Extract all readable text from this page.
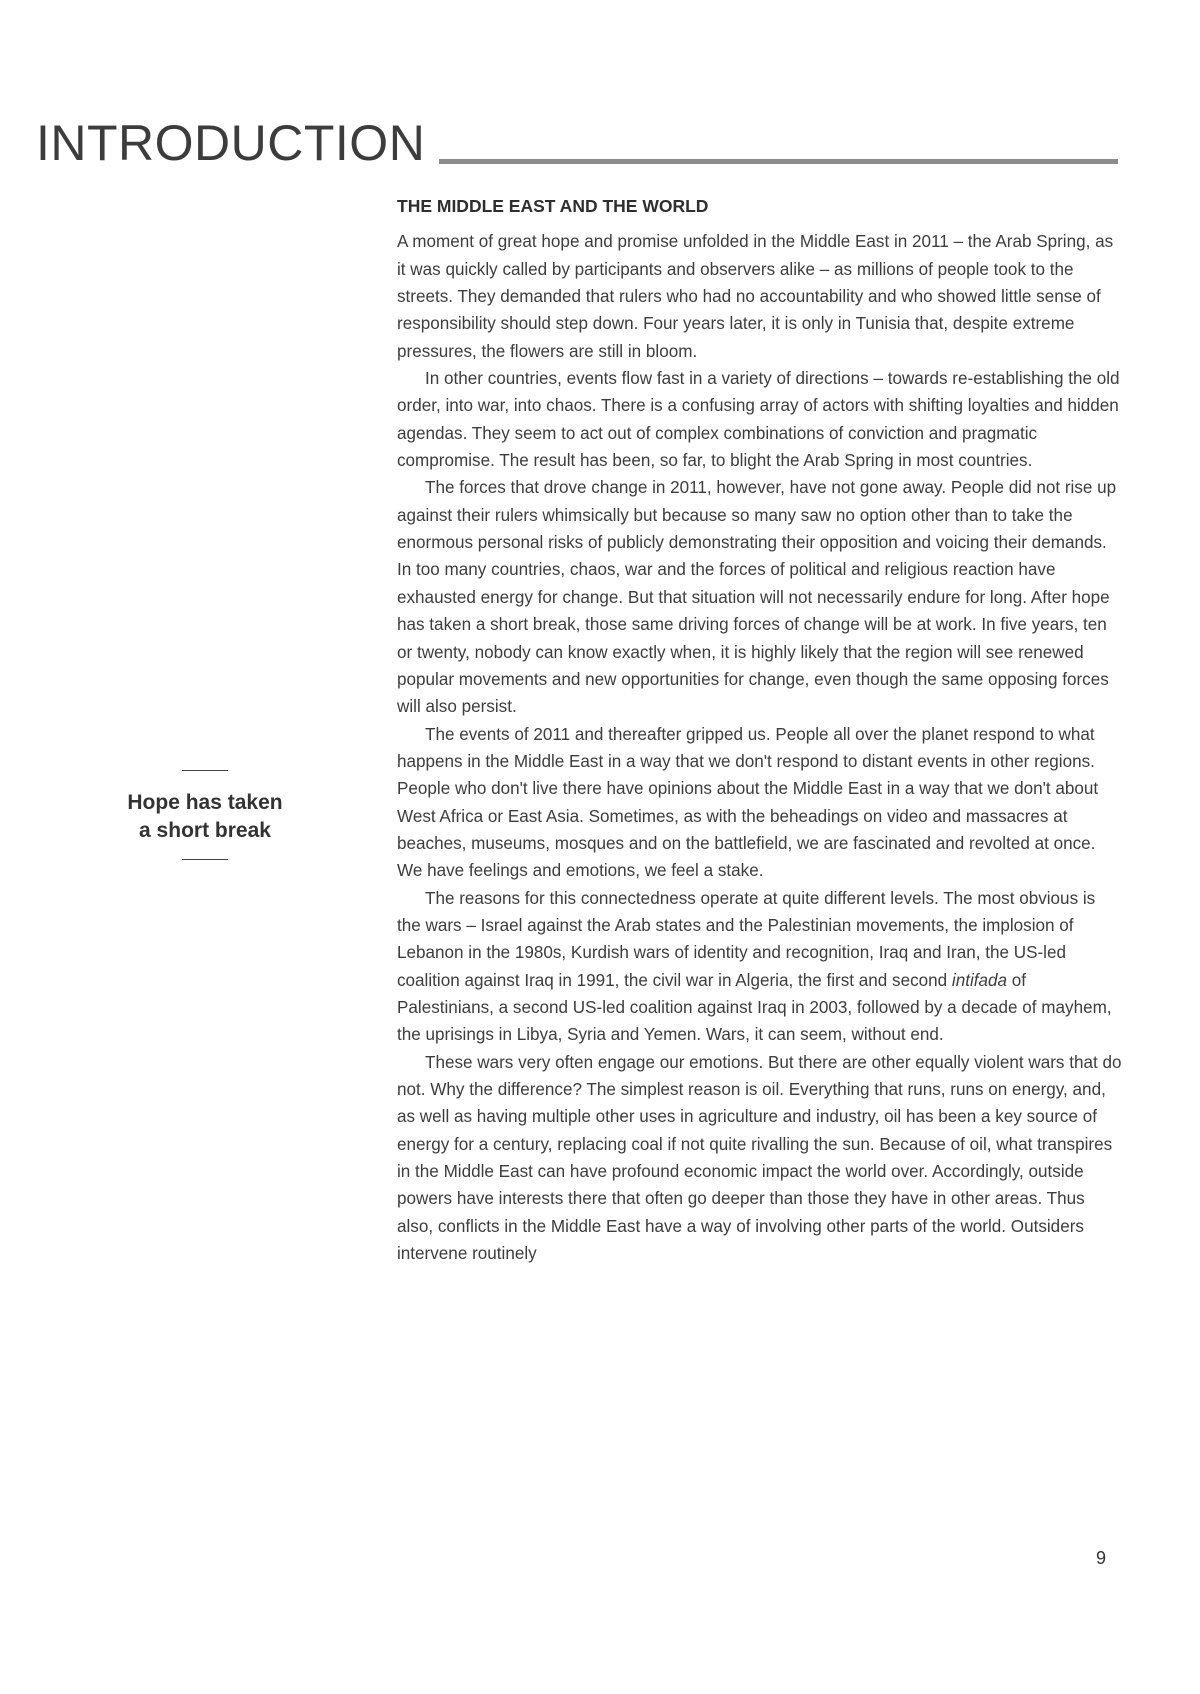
INTRODUCTION
Hope has taken
a short break
THE MIDDLE EAST AND THE WORLD

A moment of great hope and promise unfolded in the Middle East in 2011 – the Arab Spring, as it was quickly called by participants and observers alike – as millions of people took to the streets. They demanded that rulers who had no accountability and who showed little sense of responsibility should step down. Four years later, it is only in Tunisia that, despite extreme pressures, the flowers are still in bloom.

In other countries, events flow fast in a variety of directions – towards re-establishing the old order, into war, into chaos. There is a confusing array of actors with shifting loyalties and hidden agendas. They seem to act out of complex combinations of conviction and pragmatic compromise. The result has been, so far, to blight the Arab Spring in most countries.

The forces that drove change in 2011, however, have not gone away. People did not rise up against their rulers whimsically but because so many saw no option other than to take the enormous personal risks of publicly demonstrating their opposition and voicing their demands. In too many countries, chaos, war and the forces of political and religious reaction have exhausted energy for change. But that situation will not necessarily endure for long. After hope has taken a short break, those same driving forces of change will be at work. In five years, ten or twenty, nobody can know exactly when, it is highly likely that the region will see renewed popular movements and new opportunities for change, even though the same opposing forces will also persist.

The events of 2011 and thereafter gripped us. People all over the planet respond to what happens in the Middle East in a way that we don't respond to distant events in other regions. People who don't live there have opinions about the Middle East in a way that we don't about West Africa or East Asia. Sometimes, as with the beheadings on video and massacres at beaches, museums, mosques and on the battlefield, we are fascinated and revolted at once. We have feelings and emotions, we feel a stake.

The reasons for this connectedness operate at quite different levels. The most obvious is the wars – Israel against the Arab states and the Palestinian movements, the implosion of Lebanon in the 1980s, Kurdish wars of identity and recognition, Iraq and Iran, the US-led coalition against Iraq in 1991, the civil war in Algeria, the first and second intifada of Palestinians, a second US-led coalition against Iraq in 2003, followed by a decade of mayhem, the uprisings in Libya, Syria and Yemen. Wars, it can seem, without end.

These wars very often engage our emotions. But there are other equally violent wars that do not. Why the difference? The simplest reason is oil. Everything that runs, runs on energy, and, as well as having multiple other uses in agriculture and industry, oil has been a key source of energy for a century, replacing coal if not quite rivalling the sun. Because of oil, what transpires in the Middle East can have profound economic impact the world over. Accordingly, outside powers have interests there that often go deeper than those they have in other areas. Thus also, conflicts in the Middle East have a way of involving other parts of the world. Outsiders intervene routinely

9
